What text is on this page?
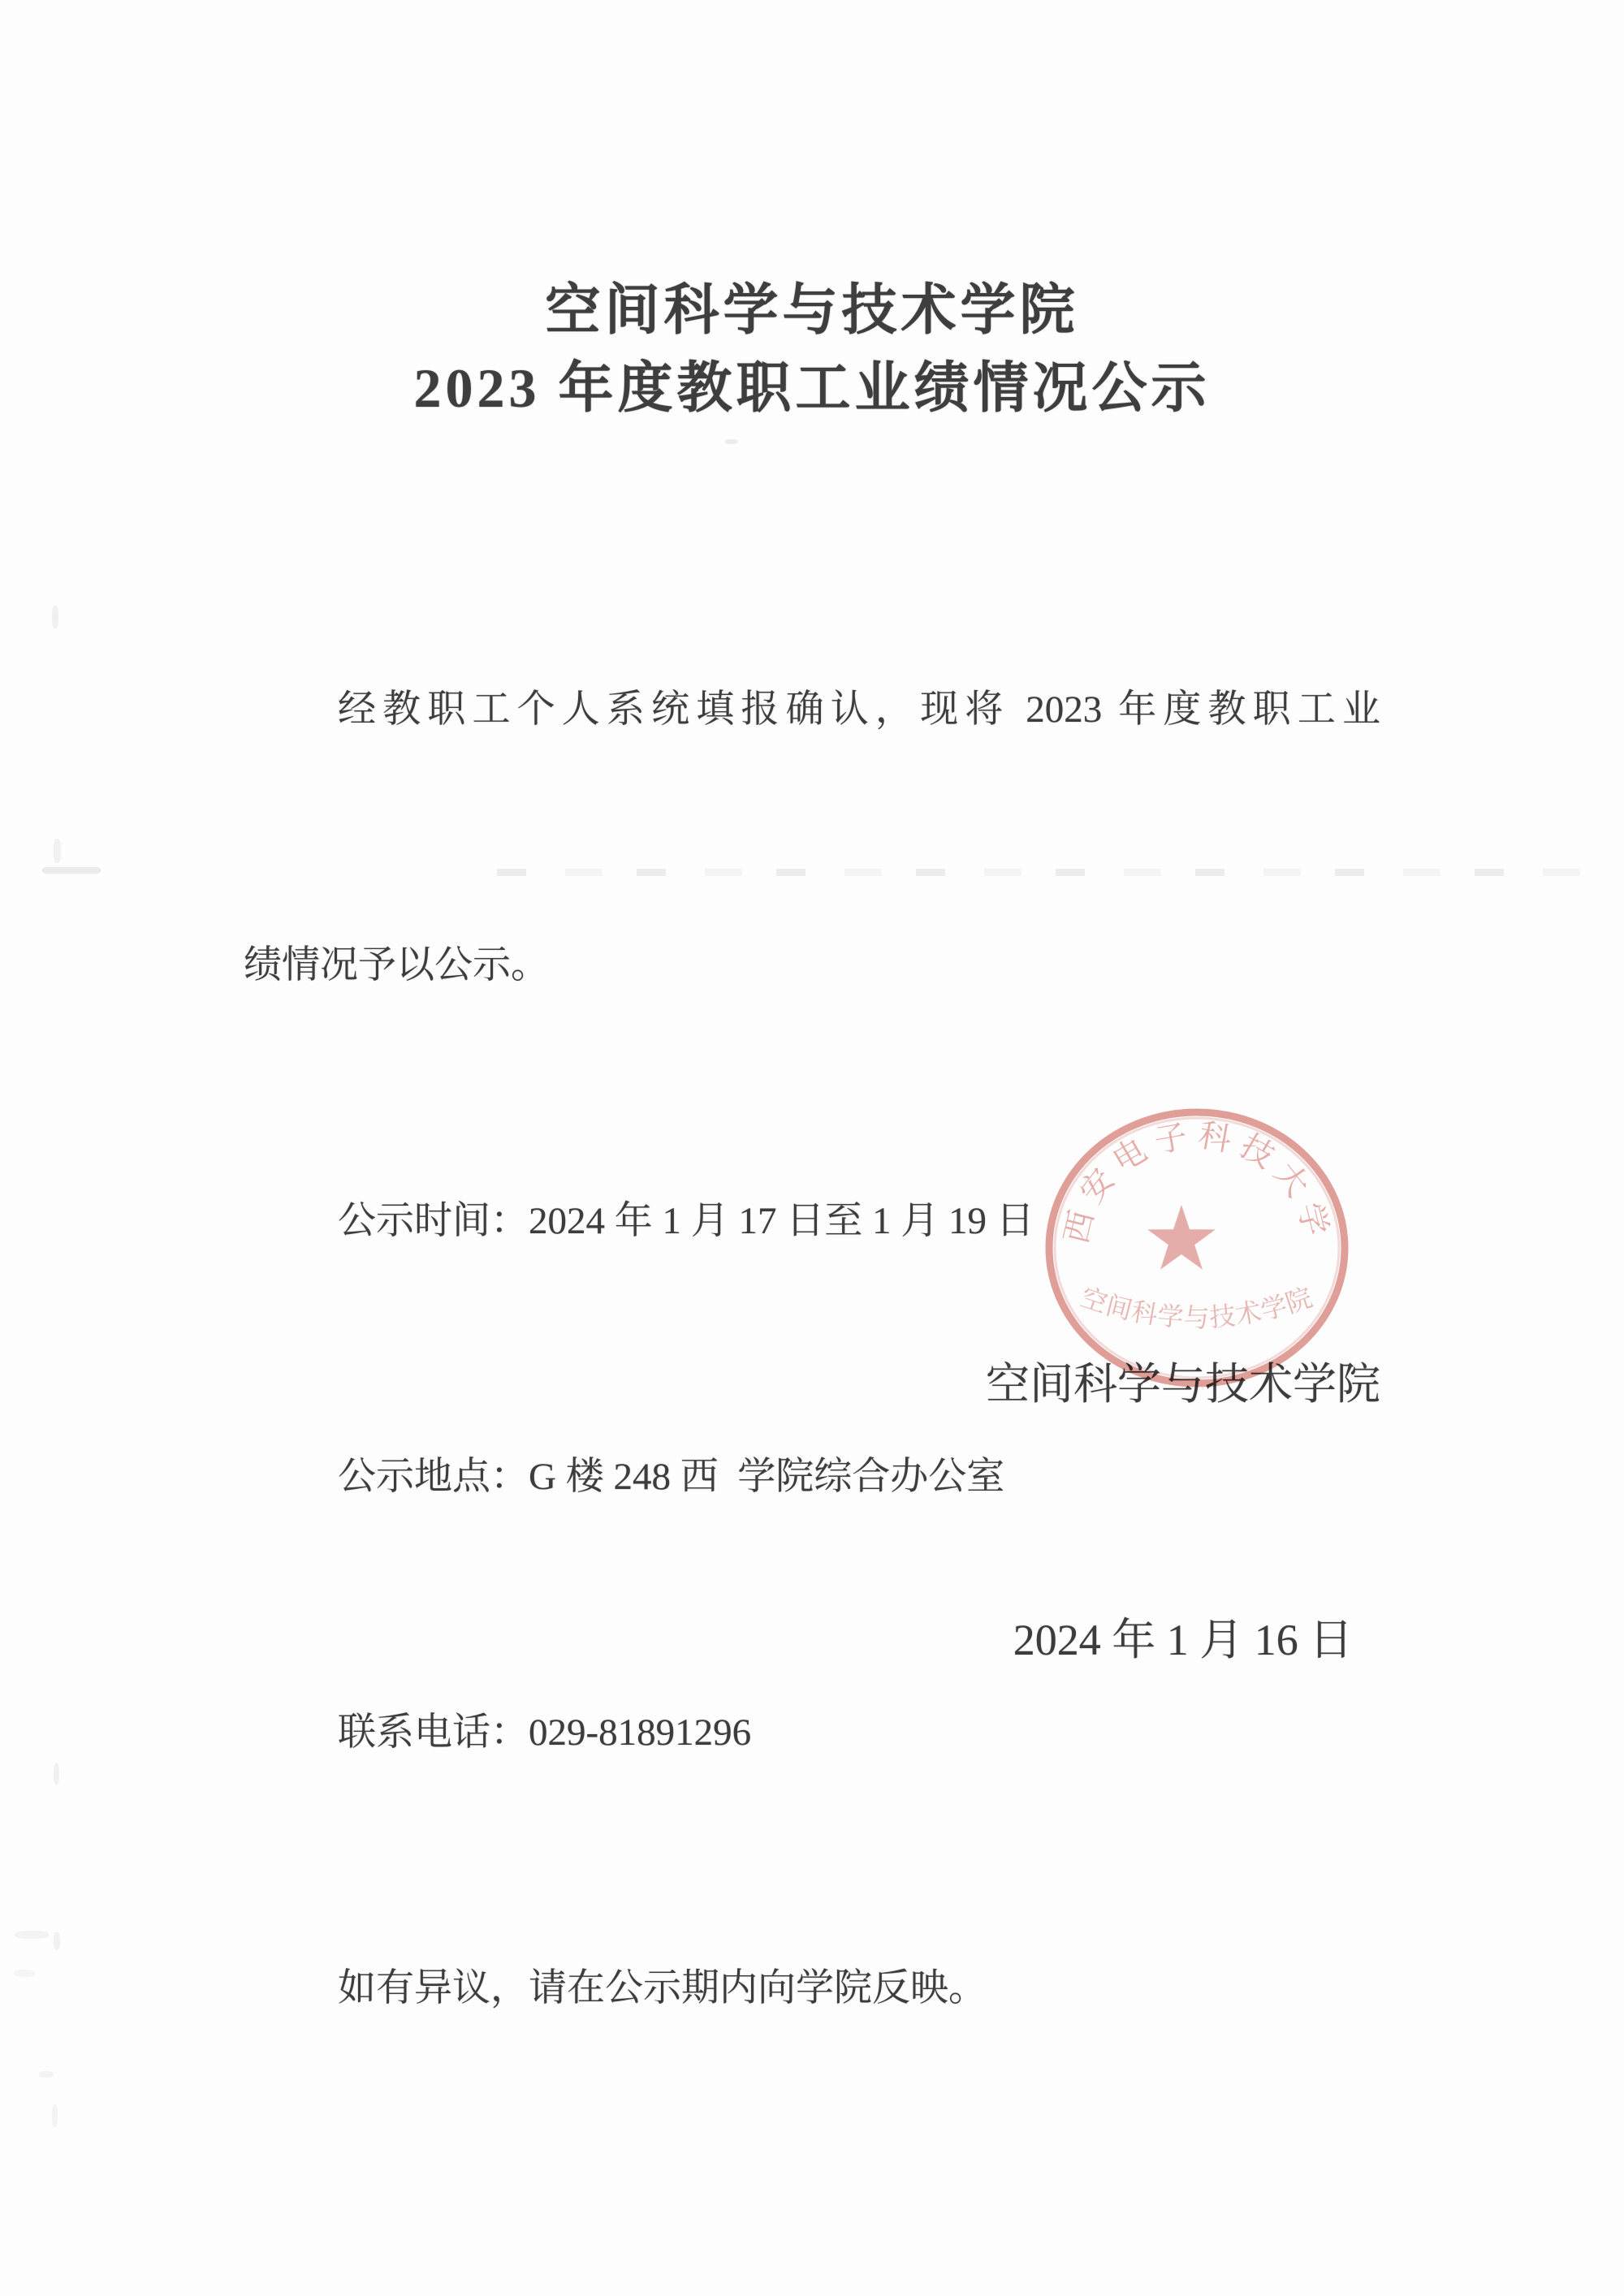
空间科学与技术学院
2023 年度教职工业绩情况公示

经教职工个人系统填报确认，现将 2023 年度教职工业

绩情况予以公示。

公示时间：2024 年 1 月 17 日至 1 月 19 日

公示地点：G 楼 248 西  学院综合办公室

联系电话：029-81891296

如有异议，请在公示期内向学院反映。

空间科学与技术学院

2024 年 1 月 16 日

西安电子科技大学
空间科学与技术学院
